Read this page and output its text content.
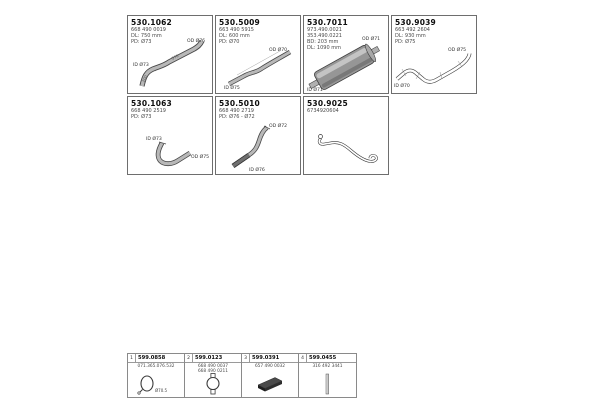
570
200
OD Ø76
ID Ø73
530.1062
668 490 0019
DL: 750 mm
PD: Ø73
OD Ø70
ID Ø75
530.5009
663 490 5915
DL: 600 mm
PD: Ø70	OD Ø71
ID Ø71
530.7011
973.490.0021
353.490.0221
BD: 203 mm
DL: 1090 mm	OD Ø75
ID Ø70
530.9039
663 492 2604
DL: 930 mm
PD: Ø75
ID Ø73
OD Ø75
530.1063
668 490 2519
PD: Ø73
OD Ø72
ID Ø76
530.5010
668 490 2719
PD: Ø76 - Ø72
530.9025
6734920604
1 599.0858
071.365.076.532
Ø70.5
2 599.0123
668 490 0037
668 490 0211
3 599.0391
657 490 0032
4 599.0455
316 492 3441
